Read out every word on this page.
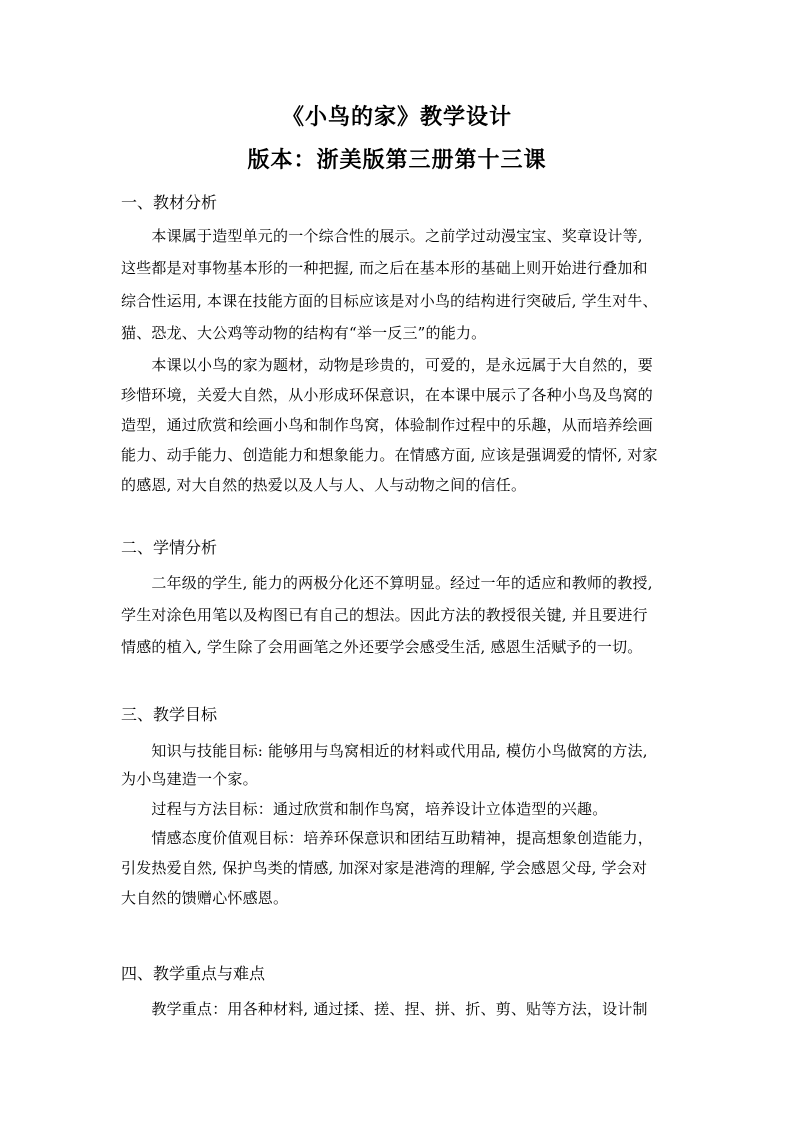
《小鸟的家》教学设计
版本：浙美版第三册第十三课
一、教材分析
　　本课属于造型单元的一个综合性的展示。之前学过动漫宝宝、奖章设计等,
这些都是对事物基本形的一种把握, 而之后在基本形的基础上则开始进行叠加和
综合性运用, 本课在技能方面的目标应该是对小鸟的结构进行突破后, 学生对牛、
猫、恐龙、大公鸡等动物的结构有“举一反三”的能力。
　　本课以小鸟的家为题材，动物是珍贵的，可爱的，是永远属于大自然的，要
珍惜环境，关爱大自然，从小形成环保意识，在本课中展示了各种小鸟及鸟窝的
造型，通过欣赏和绘画小鸟和制作鸟窝，体验制作过程中的乐趣，从而培养绘画
能力、动手能力、创造能力和想象能力。在情感方面, 应该是强调爱的情怀, 对家
的感恩, 对大自然的热爱以及人与人、人与动物之间的信任。
二、学情分析
　　二年级的学生, 能力的两极分化还不算明显。经过一年的适应和教师的教授,
学生对涂色用笔以及构图已有自己的想法。因此方法的教授很关键, 并且要进行
情感的植入, 学生除了会用画笔之外还要学会感受生活, 感恩生活赋予的一切。
三、教学目标
　　知识与技能目标: 能够用与鸟窝相近的材料或代用品, 模仿小鸟做窝的方法,
为小鸟建造一个家。
　　过程与方法目标：通过欣赏和制作鸟窝，培养设计立体造型的兴趣。
　　情感态度价值观目标：培养环保意识和团结互助精神，提高想象创造能力，
引发热爱自然, 保护鸟类的情感, 加深对家是港湾的理解, 学会感恩父母, 学会对
大自然的馈赠心怀感恩。
四、教学重点与难点
　　教学重点：用各种材料, 通过揉、搓、捏、拼、折、剪、贴等方法，设计制
